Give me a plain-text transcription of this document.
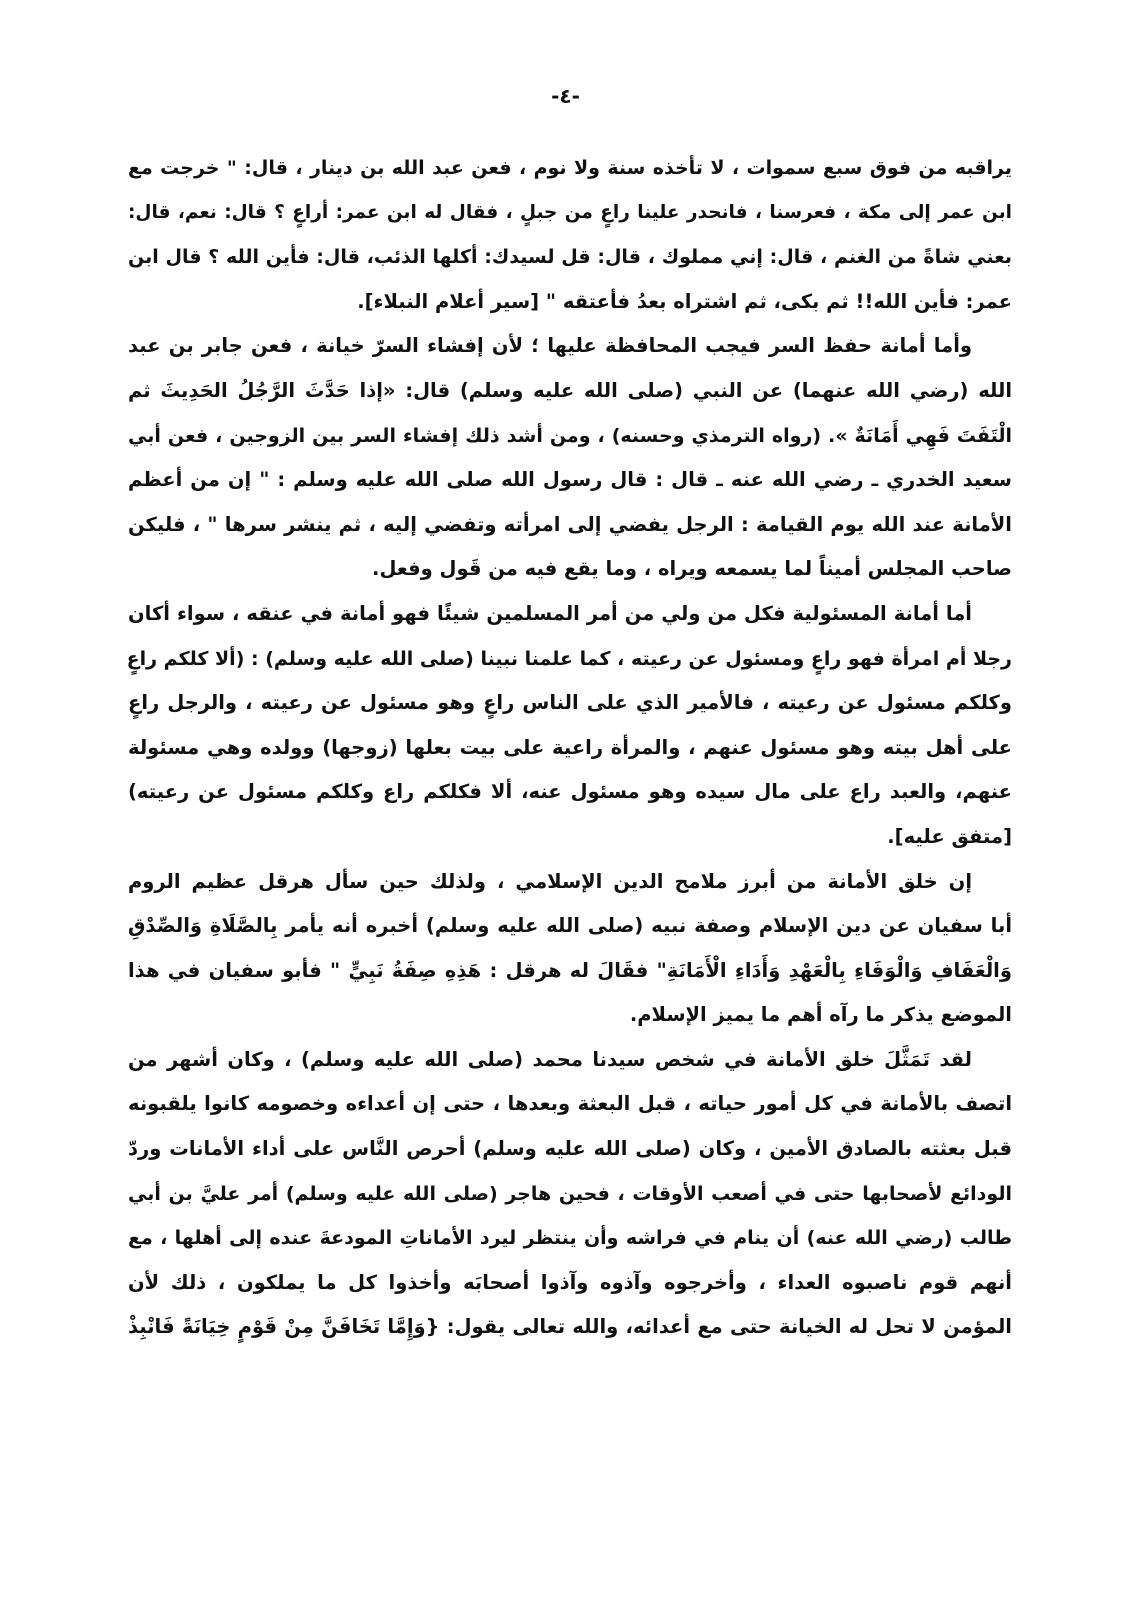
-٤-
يراقبه من فوق سبع سموات ، لا تأخذه سنة ولا نوم ، فعن عبد الله بن دينار ، قال: " خرجت مع
ابن عمر إلى مكة ، فعرسنا ، فانحدر علينا راعٍ من جبلٍ ، فقال له ابن عمر: أراعٍ ؟ قال: نعم، قال:
بعني شاةً من الغنم ، قال: إني مملوك ، قال: قل لسيدك: أكلها الذئب، قال: فأين الله ؟ قال ابن
عمر: فأين الله!! ثم بكى، ثم اشتراه بعدُ فأعتقه " [سير أعلام النبلاء].
وأما أمانة حفظ السر فيجب المحافظة عليها ؛ لأن إفشاء السرّ خيانة ، فعن جابر بن عبد
الله (رضي الله عنهما) عن النبي (صلى الله عليه وسلم) قال: «إذا حَدَّثَ الرَّجُلُ الحَدِيثَ ثم
الْتَفَتَ فَهِي أَمَانَةٌ ». (رواه الترمذي وحسنه) ، ومن أشد ذلك إفشاء السر بين الزوجين ، فعن أبي
سعيد الخدري ـ رضي الله عنه ـ قال : قال رسول الله صلى الله عليه وسلم : " إن من أعظم
الأمانة عند الله يوم القيامة : الرجل يفضي إلى امرأته وتفضي إليه ، ثم ينشر سرها " ، فليكن
صاحب المجلس أميناً لما يسمعه ويراه ، وما يقع فيه من قَول وفعل.
أما أمانة المسئولية فكل من ولي من أمر المسلمين شيئًا فهو أمانة في عنقه ، سواء أكان
رجلا أم امرأة فهو راعٍ ومسئول عن رعيته ، كما علمنا نبينا (صلى الله عليه وسلم) : (ألا كلكم راعٍ
وكلكم مسئول عن رعيته ، فالأمير الذي على الناس راعٍ وهو مسئول عن رعيته ، والرجل راعٍ
على أهل بيته وهو مسئول عنهم ، والمرأة راعية على بيت بعلها (زوجها) وولده وهي مسئولة
عنهم، والعبد راع على مال سيده وهو مسئول عنه، ألا فكلكم راع وكلكم مسئول عن رعيته)
[متفق عليه].
إن خلق الأمانة من أبرز ملامح الدين الإسلامي ، ولذلك حين سأل هرقل عظيم الروم
أبا سفيان عن دين الإسلام وصفة نبيه (صلى الله عليه وسلم) أخبره أنه يأمر بِالصَّلَاةِ وَالصِّدْقِ
وَالْعَفَافِ وَالْوَفَاءِ بِالْعَهْدِ وَأَدَاءِ الْأَمَانَةِ" فقَالَ له هرقل : هَذِهِ صِفَةُ نَبِيٍّ " فأبو سفيان في هذا
الموضع يذكر ما رآه أهم ما يميز الإسلام.
لقد تَمَثَّلَ خلق الأمانة في شخص سيدنا محمد (صلى الله عليه وسلم) ، وكان أشهر من
اتصف بالأمانة في كل أمور حياته ، قبل البعثة وبعدها ، حتى إن أعداءه وخصومه كانوا يلقبونه
قبل بعثته بالصادق الأمين ، وكان (صلى الله عليه وسلم) أحرص النَّاس على أداء الأمانات وردّ
الودائع لأصحابها حتى في أصعب الأوقات ، فحين هاجر (صلى الله عليه وسلم) أمر عليَّ بن أبي
طالب (رضي الله عنه) أن ينام في فراشه وأن ينتظر ليرد الأماناتِ المودعةَ عنده إلى أهلها ، مع
أنهم قوم ناصبوه العداء ، وأخرجوه وآذوه وآذوا أصحابَه وأخذوا كل ما يملكون ، ذلك لأن
المؤمن لا تحل له الخيانة حتى مع أعدائه، والله تعالى يقول: {وَإِمَّا تَخَافَنَّ مِنْ قَوْمٍ خِيَانَةً فَانْبِذْ
